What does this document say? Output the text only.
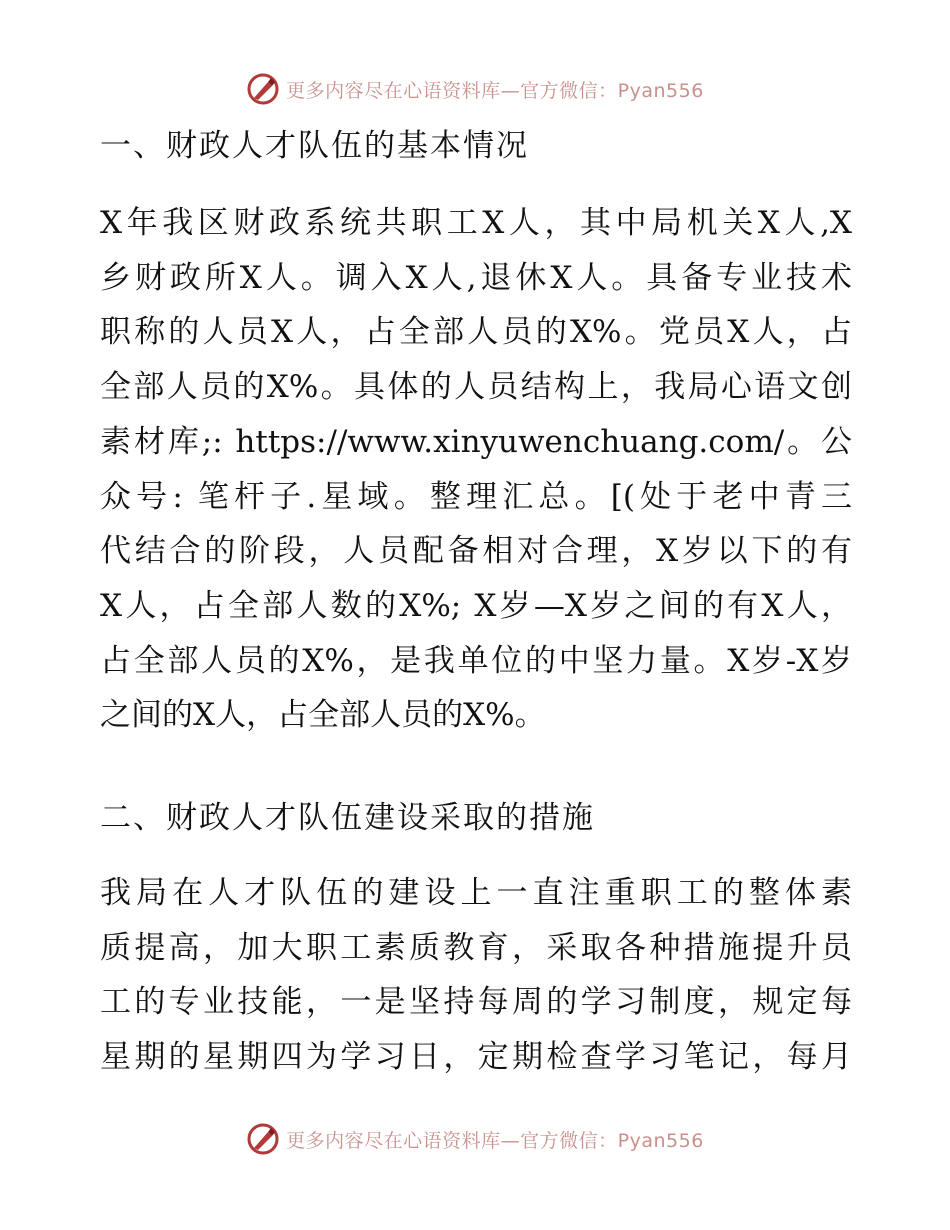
更多内容尽在心语资料库—官方微信：Pyan556
一、财政人才队伍的基本情况
X年我区财政系统共职工X人，其中局机关X人,X
乡财政所X人。调入X人,退休X人。具备专业技术
职称的人员X人，占全部人员的X%。党员X人，占
全部人员的X%。具体的人员结构上，我局心语文创
素材库;: https://www.xinyuwenchuang.com/。公
众号: 笔杆子.星域。整理汇总。[(处于老中青三
代结合的阶段，人员配备相对合理，X岁以下的有
X人，占全部人数的X%; X岁—X岁之间的有X人，
占全部人员的X%，是我单位的中坚力量。X岁-X岁
之间的X人，占全部人员的X%。
二、财政人才队伍建设采取的措施
我局在人才队伍的建设上一直注重职工的整体素
质提高，加大职工素质教育，采取各种措施提升员
工的专业技能，一是坚持每周的学习制度，规定每
星期的星期四为学习日，定期检查学习笔记，每月
更多内容尽在心语资料库—官方微信：Pyan556
